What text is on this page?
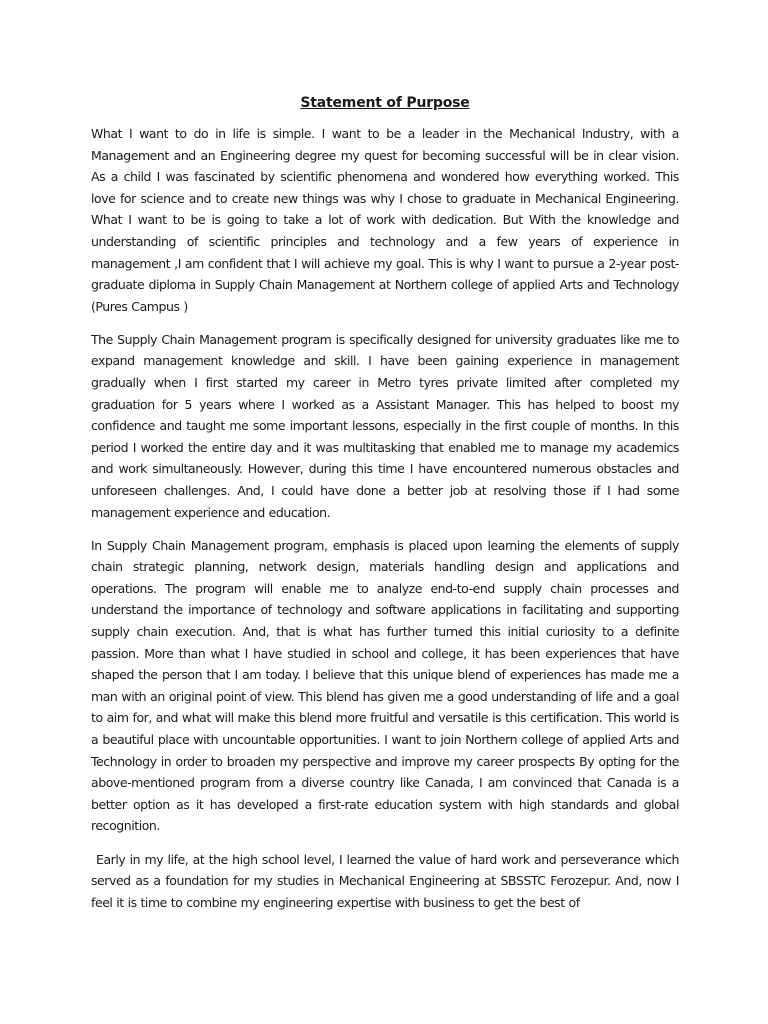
Statement of Purpose

What I want to do in life is simple. I want to be a leader in the Mechanical Industry, with a Management and an Engineering degree my quest for becoming successful will be in clear vision. As a child I was fascinated by scientific phenomena and wondered how everything worked. This love for science and to create new things was why I chose to graduate in Mechanical Engineering. What I want to be is going to take a lot of work with dedication. But With the knowledge and understanding of scientific principles and technology and a few years of experience in management ,I am confident that I will achieve my goal. This is why I want to pursue a 2-year post-graduate diploma in Supply Chain Management at Northern college of applied Arts and Technology (Pures Campus )

The Supply Chain Management program is specifically designed for university graduates like me to expand management knowledge and skill. I have been gaining experience in management gradually when I first started my career in Metro tyres private limited after completed my graduation for 5 years where I worked as a Assistant Manager. This has helped to boost my confidence and taught me some important lessons, especially in the first couple of months. In this period I worked the entire day and it was multitasking that enabled me to manage my academics and work simultaneously. However, during this time I have encountered numerous obstacles and unforeseen challenges. And, I could have done a better job at resolving those if I had some management experience and education.

In Supply Chain Management program, emphasis is placed upon learning the elements of supply chain strategic planning, network design, materials handling design and applications and operations. The program will enable me to analyze end-to-end supply chain processes and understand the importance of technology and software applications in facilitating and supporting supply chain execution. And, that is what has further turned this initial curiosity to a definite passion. More than what I have studied in school and college, it has been experiences that have shaped the person that I am today. I believe that this unique blend of experiences has made me a man with an original point of view. This blend has given me a good understanding of life and a goal to aim for, and what will make this blend more fruitful and versatile is this certification. This world is a beautiful place with uncountable opportunities. I want to join Northern college of applied Arts and Technology in order to broaden my perspective and improve my career prospects By opting for the above-mentioned program from a diverse country like Canada, I am convinced that Canada is a better option as it has developed a first-rate education system with high standards and global recognition.

Early in my life, at the high school level, I learned the value of hard work and perseverance which served as a foundation for my studies in Mechanical Engineering at SBSSTC Ferozepur. And, now I feel it is time to combine my engineering expertise with business to get the best of
